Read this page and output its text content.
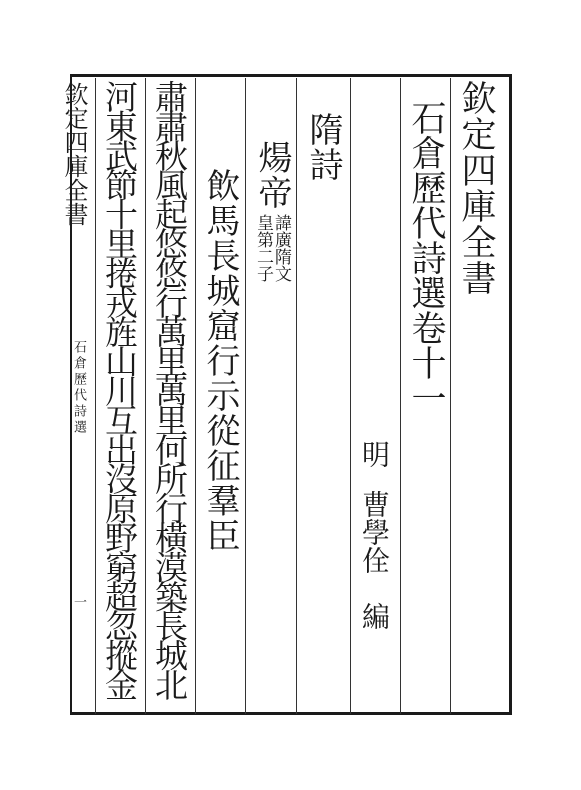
欽定四庫全書
石倉歷代詩選卷十一
明
曹學佺　編
隋詩
煬帝
諱廣隋文
皇第二子
飲馬長城窟行示從征羣臣
肅肅秋風起悠悠行萬里萬里何所行橫漠築長城北
河東武節十里捲戎旌山川互出沒原野窮超忽摐金
欽定四庫全書
石倉歷代詩選
一
